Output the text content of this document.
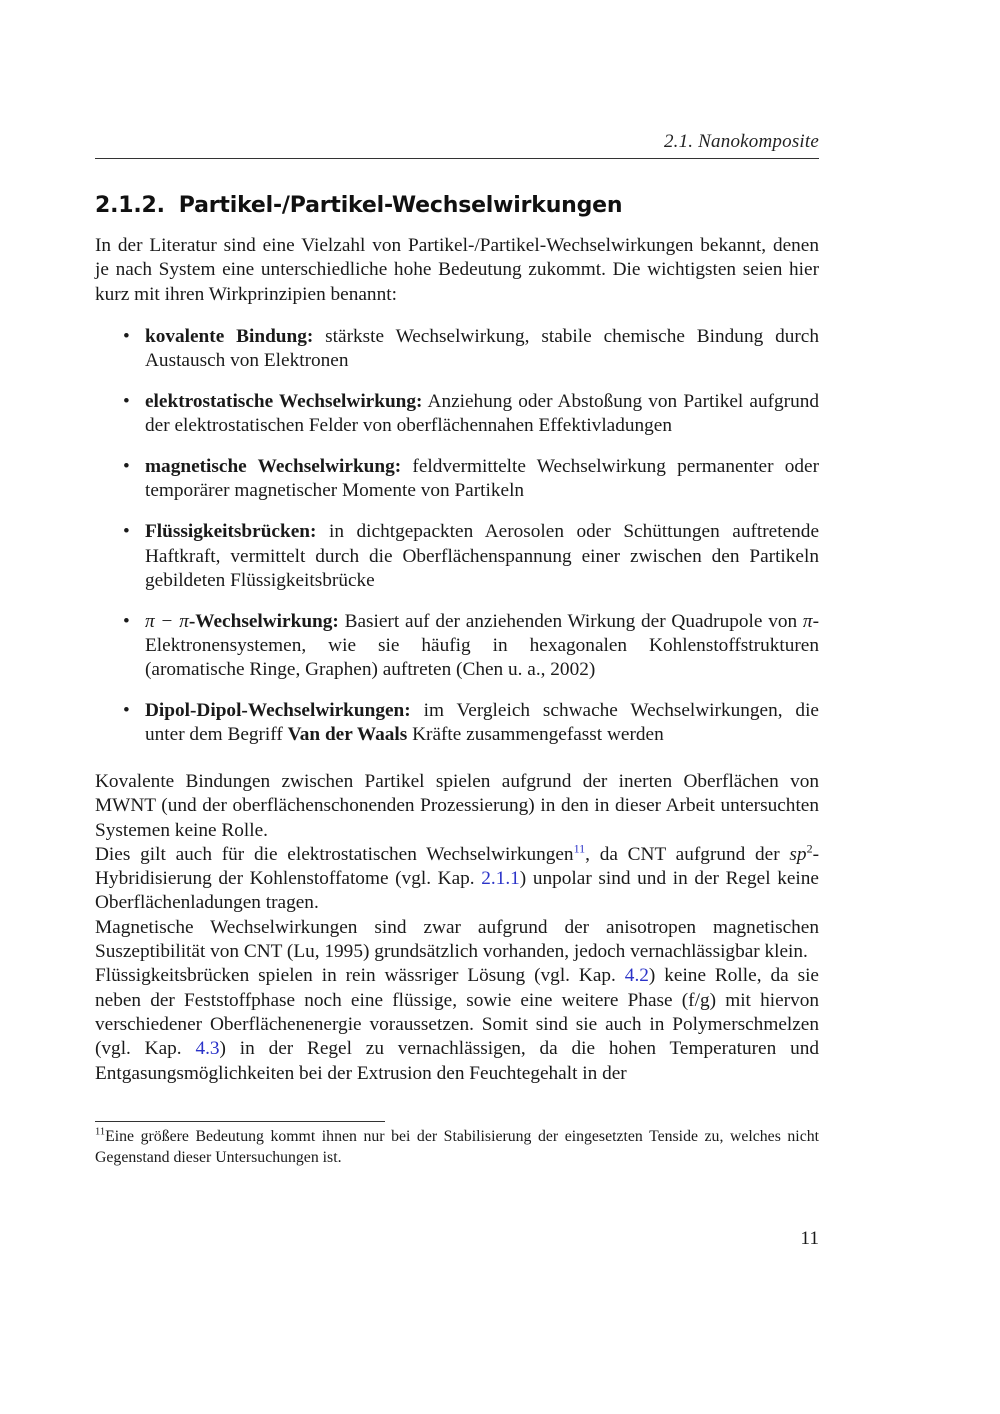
2.1. Nanokomposite
2.1.2. Partikel-/Partikel-Wechselwirkungen
In der Literatur sind eine Vielzahl von Partikel-/Partikel-Wechselwirkungen bekannt, denen je nach System eine unterschiedliche hohe Bedeutung zukommt. Die wichtigsten seien hier kurz mit ihren Wirkprinzipien benannt:
• kovalente Bindung: stärkste Wechselwirkung, stabile chemische Bindung durch Austausch von Elektronen
• elektrostatische Wechselwirkung: Anziehung oder Abstoßung von Partikel aufgrund der elektrostatischen Felder von oberflächennahen Effektivladungen
• magnetische Wechselwirkung: feldvermittelte Wechselwirkung permanenter oder temporärer magnetischer Momente von Partikeln
• Flüssigkeitsbrücken: in dichtgepackten Aerosolen oder Schüttungen auftretende Haftkraft, vermittelt durch die Oberflächenspannung einer zwischen den Partikeln gebildeten Flüssigkeitsbrücke
• π − π-Wechselwirkung: Basiert auf der anziehenden Wirkung der Quadrupole von π-Elektronensystemen, wie sie häufig in hexagonalen Kohlenstoffstrukturen (aromatische Ringe, Graphen) auftreten (Chen u. a., 2002)
• Dipol-Dipol-Wechselwirkungen: im Vergleich schwache Wechselwirkungen, die unter dem Begriff Van der Waals Kräfte zusammengefasst werden

Kovalente Bindungen zwischen Partikel spielen aufgrund der inerten Oberflächen von MWNT (und der oberflächenschonenden Prozessierung) in den in dieser Arbeit untersuchten Systemen keine Rolle.

Dies gilt auch für die elektrostatischen Wechselwirkungen$^{11}$, da CNT aufgrund der $sp^2$-Hybridisierung der Kohlenstoffatome (vgl. Kap. 2.1.1) unpolar sind und in der Regel keine Oberflächenladungen tragen.

Magnetische Wechselwirkungen sind zwar aufgrund der anisotropen magnetischen Suszeptibilität von CNT (Lu, 1995) grundsätzlich vorhanden, jedoch vernachlässigbar klein.

Flüssigkeitsbrücken spielen in rein wässriger Lösung (vgl. Kap. 4.2) keine Rolle, da sie neben der Feststoffphase noch eine flüssige, sowie eine weitere Phase (f/g) mit hiervon verschiedener Oberflächenenergie voraussetzen. Somit sind sie auch in Polymerschmelzen (vgl. Kap. 4.3) in der Regel zu vernachlässigen, da die hohen Temperaturen und Entgasungsmöglichkeiten bei der Extrusion den Feuchtegehalt in der

$^{11}$Eine größere Bedeutung kommt ihnen nur bei der Stabilisierung der eingesetzten Tenside zu, welches nicht Gegenstand dieser Untersuchungen ist.
11
